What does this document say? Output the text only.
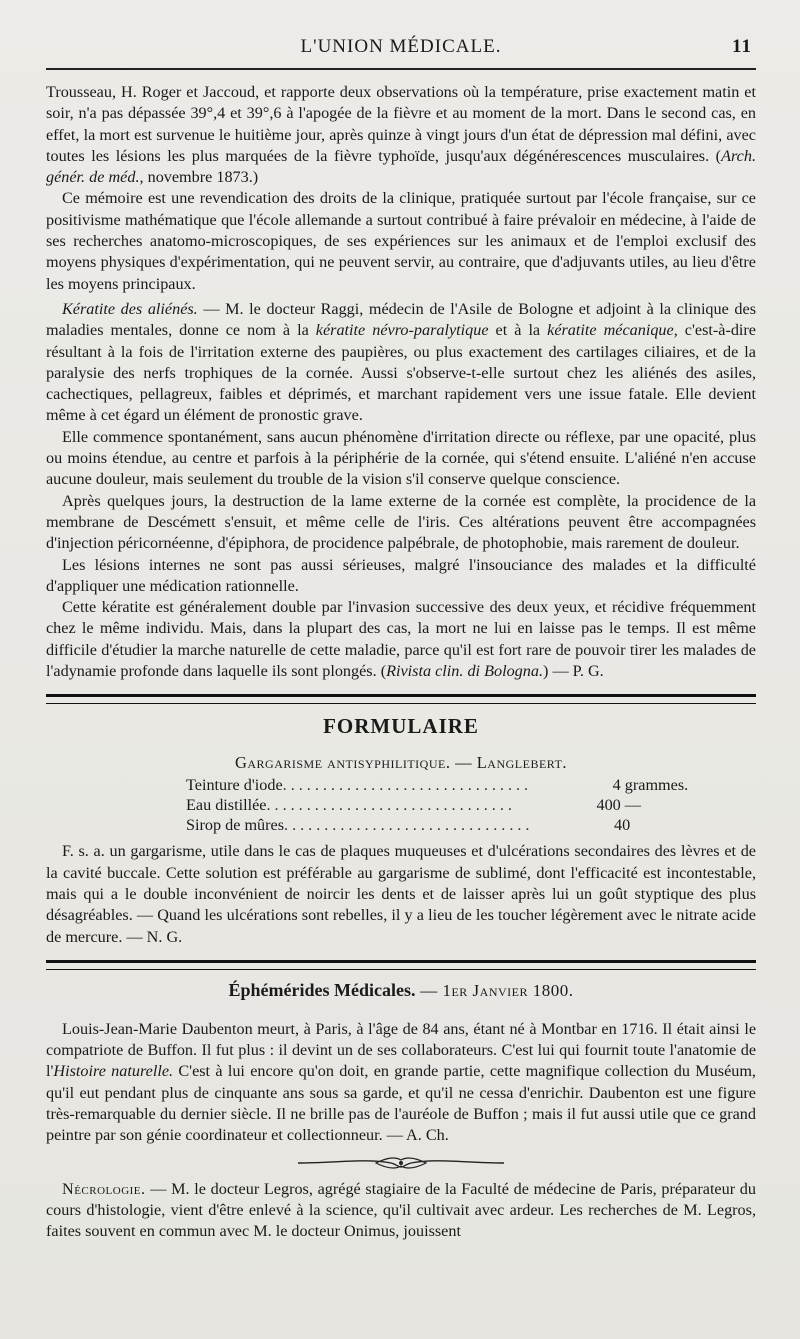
L'UNION MÉDICALE.	11

Trousseau, H. Roger et Jaccoud, et rapporte deux observations où la température, prise exactement matin et soir, n'a pas dépassée 39°,4 et 39°,6 à l'apogée de la fièvre et au moment de la mort. Dans le second cas, en effet, la mort est survenue le huitième jour, après quinze à vingt jours d'un état de dépression mal défini, avec toutes les lésions les plus marquées de la fièvre typhoïde, jusqu'aux dégénérescences musculaires. (Arch. génér. de méd., novembre 1873.)

Ce mémoire est une revendication des droits de la clinique, pratiquée surtout par l'école française, sur ce positivisme mathématique que l'école allemande a surtout contribué à faire prévaloir en médecine, à l'aide de ses recherches anatomo-microscopiques, de ses expériences sur les animaux et de l'emploi exclusif des moyens physiques d'expérimentation, qui ne peuvent servir, au contraire, que d'adjuvants utiles, au lieu d'être les moyens principaux.

Kératite des aliénés. — M. le docteur Raggi, médecin de l'Asile de Bologne et adjoint à la clinique des maladies mentales, donne ce nom à la kératite névro-paralytique et à la kératite mécanique, c'est-à-dire résultant à la fois de l'irritation externe des paupières, ou plus exactement des cartilages ciliaires, et de la paralysie des nerfs trophiques de la cornée. Aussi s'observe-t-elle surtout chez les aliénés des asiles, cachectiques, pellagreux, faibles et déprimés, et marchant rapidement vers une issue fatale. Elle devient même à cet égard un élément de pronostic grave.

Elle commence spontanément, sans aucun phénomène d'irritation directe ou réflexe, par une opacité, plus ou moins étendue, au centre et parfois à la périphérie de la cornée, qui s'étend ensuite. L'aliéné n'en accuse aucune douleur, mais seulement du trouble de la vision s'il conserve quelque conscience.

Après quelques jours, la destruction de la lame externe de la cornée est complète, la procidence de la membrane de Descémett s'ensuit, et même celle de l'iris. Ces altérations peuvent être accompagnées d'injection péricornéenne, d'épiphora, de procidence palpébrale, de photophobie, mais rarement de douleur.

Les lésions internes ne sont pas aussi sérieuses, malgré l'insouciance des malades et la difficulté d'appliquer une médication rationnelle.

Cette kératite est généralement double par l'invasion successive des deux yeux, et récidive fréquemment chez le même individu. Mais, dans la plupart des cas, la mort ne lui en laisse pas le temps. Il est même difficile d'étudier la marche naturelle de cette maladie, parce qu'il est fort rare de pouvoir tirer les malades de l'adynamie profonde dans laquelle ils sont plongés. (Rivista clin. di Bologna.) — P. G.

FORMULAIRE
Gargarisme antisyphilitique. — Langlebert.
Teinture d'iode ...............................	4 grammes.
Eau distillée ...............................	400 —
Sirop de mûres ...............................	40

F. s. a. un gargarisme, utile dans le cas de plaques muqueuses et d'ulcérations secondaires des lèvres et de la cavité buccale. Cette solution est préférable au gargarisme de sublimé, dont l'efficacité est incontestable, mais qui a le double inconvénient de noircir les dents et de laisser après lui un goût styptique des plus désagréables. — Quand les ulcérations sont rebelles, il y a lieu de les toucher légèrement avec le nitrate acide de mercure. — N. G.

Éphémérides Médicales. — 1er Janvier 1800.

Louis-Jean-Marie Daubenton meurt, à Paris, à l'âge de 84 ans, étant né à Montbar en 1716. Il était ainsi le compatriote de Buffon. Il fut plus : il devint un de ses collaborateurs. C'est lui qui fournit toute l'anatomie de l'Histoire naturelle. C'est à lui encore qu'on doit, en grande partie, cette magnifique collection du Muséum, qu'il eut pendant plus de cinquante ans sous sa garde, et qu'il ne cessa d'enrichir. Daubenton est une figure très-remarquable du dernier siècle. Il ne brille pas de l'auréole de Buffon ; mais il fut aussi utile que ce grand peintre par son génie coordinateur et collectionneur. — A. Ch.

Nécrologie. — M. le docteur Legros, agrégé stagiaire de la Faculté de médecine de Paris, préparateur du cours d'histologie, vient d'être enlevé à la science, qu'il cultivait avec ardeur. Les recherches de M. Legros, faites souvent en commun avec M. le docteur Onimus, jouissent
